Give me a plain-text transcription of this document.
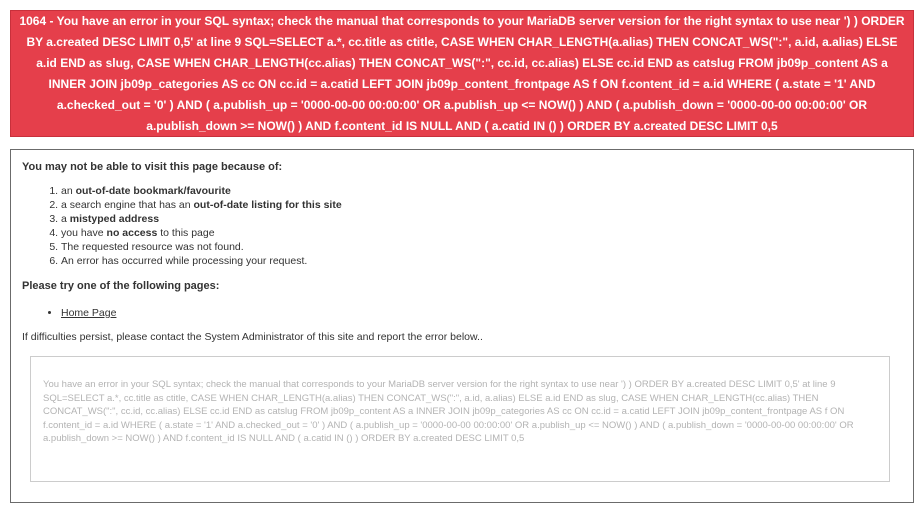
1064 - You have an error in your SQL syntax; check the manual that corresponds to your MariaDB server version for the right syntax to use near ') ) ORDER BY a.created DESC LIMIT 0,5' at line 9 SQL=SELECT a.*, cc.title as ctitle, CASE WHEN CHAR_LENGTH(a.alias) THEN CONCAT_WS(":", a.id, a.alias) ELSE a.id END as slug, CASE WHEN CHAR_LENGTH(cc.alias) THEN CONCAT_WS(":", cc.id, cc.alias) ELSE cc.id END as catslug FROM jb09p_content AS a INNER JOIN jb09p_categories AS cc ON cc.id = a.catid LEFT JOIN jb09p_content_frontpage AS f ON f.content_id = a.id WHERE ( a.state = '1' AND a.checked_out = '0' ) AND ( a.publish_up = '0000-00-00 00:00:00' OR a.publish_up <= NOW() ) AND ( a.publish_down = '0000-00-00 00:00:00' OR a.publish_down >= NOW() ) AND f.content_id IS NULL AND ( a.catid IN () ) ORDER BY a.created DESC LIMIT 0,5

You may not be able to visit this page because of:

1. an out-of-date bookmark/favourite
2. a search engine that has an out-of-date listing for this site
3. a mistyped address
4. you have no access to this page
5. The requested resource was not found.
6. An error has occurred while processing your request.

Please try one of the following pages:

• Home Page

If difficulties persist, please contact the System Administrator of this site and report the error below..

You have an error in your SQL syntax; check the manual that corresponds to your MariaDB server version for the right syntax to use near ') ) ORDER BY a.created DESC LIMIT 0,5' at line 9 SQL=SELECT a.*, cc.title as ctitle, CASE WHEN CHAR_LENGTH(a.alias) THEN CONCAT_WS(":", a.id, a.alias) ELSE a.id END as slug, CASE WHEN CHAR_LENGTH(cc.alias) THEN CONCAT_WS(":", cc.id, cc.alias) ELSE cc.id END as catslug FROM jb09p_content AS a INNER JOIN jb09p_categories AS cc ON cc.id = a.catid LEFT JOIN jb09p_content_frontpage AS f ON f.content_id = a.id WHERE ( a.state = '1' AND a.checked_out = '0' ) AND ( a.publish_up = '0000-00-00 00:00:00' OR a.publish_up <= NOW() ) AND ( a.publish_down = '0000-00-00 00:00:00' OR a.publish_down >= NOW() ) AND f.content_id IS NULL AND ( a.catid IN () ) ORDER BY a.created DESC LIMIT 0,5
